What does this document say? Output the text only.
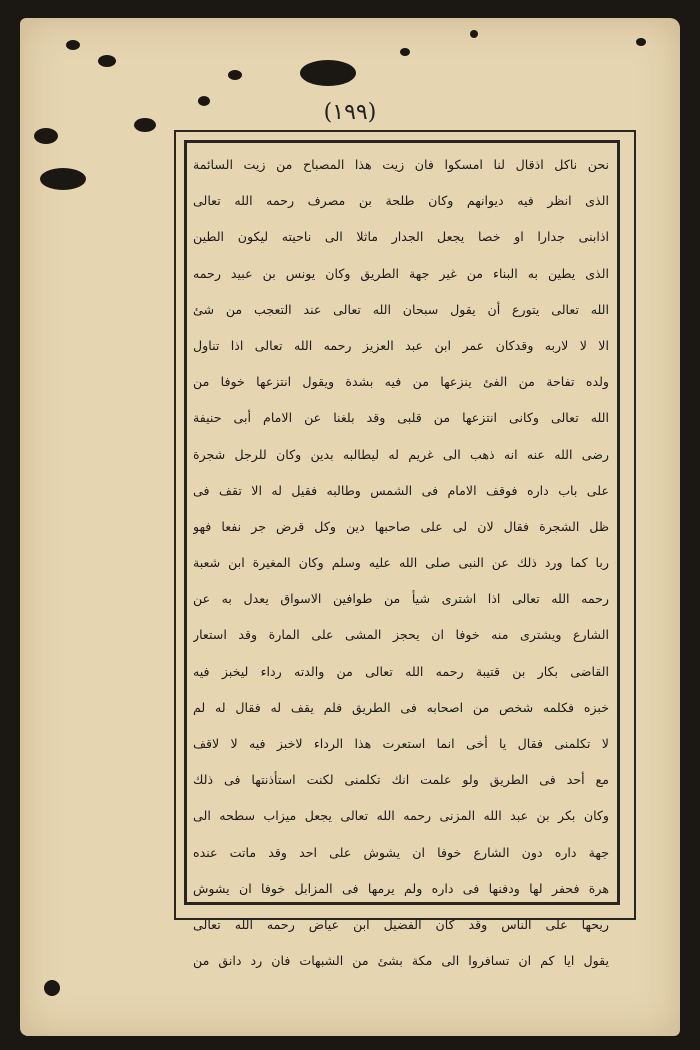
(١٩٩)
نحن ناكل اذقال لنا امسكوا فان زيت هذا المصباح من زيت السائمة
الذى انظر فيه ديوانهم وكان طلحة بن مصرف رحمه الله تعالى
اذابنى جدارا او خصا يجعل الجدار ماثلا الى ناحيته ليكون الطين
الذى يطين به البناء من غير جهة الطريق وكان يونس بن عبيد رحمه
الله تعالى يتورع أن يقول سبحان الله تعالى عند التعجب من شئ
الا لا لاربه وقدكان عمر ابن عبد العزيز رحمه الله تعالى اذا تناول
ولده تفاحة من الفئ ينزعها من فيه بشدة ويقول انتزعها خوفا من
الله تعالى وكانى انتزعها من قلبى وقد بلغنا عن الامام أبى حنيفة
رضى الله عنه انه ذهب الى غريم له ليطالبه بدين وكان للرجل شجرة
على باب داره فوقف الامام فى الشمس وطالبه فقيل له الا تقف فى
ظل الشجرة فقال لان لى على صاحبها دين وكل قرض جر نفعا فهو
ربا كما ورد ذلك عن النبى صلى الله عليه وسلم وكان المغيرة ابن شعبة
رحمه الله تعالى اذا اشترى شيأ من طوافين الاسواق يعدل به عن
الشارع ويشترى منه خوفا ان يحجز المشى على المارة وقد استعار
القاضى بكار بن قتيبة رحمه الله تعالى من والدته رداء ليخبز فيه
خبزه فكلمه شخص من اصحابه فى الطريق فلم يقف له فقال له لم
لا تكلمنى فقال يا أخى انما استعرت هذا الرداء لاخبز فيه لا لاقف
مع أحد فى الطريق ولو علمت انك تكلمنى لكنت استأذنتها فى ذلك
وكان بكر بن عبد الله المزنى رحمه الله تعالى يجعل ميزاب سطحه الى
جهة داره دون الشارع خوفا ان يشوش على احد وقد ماتت عنده
هرة فحفر لها ودفنها فى داره ولم يرمها فى المزابل خوفا ان يشوش
ريحها على الناس وقد كان الفضيل ابن عياض رحمه الله تعالى
يقول ايا كم ان تسافروا الى مكة بشئ من الشبهات فان رد دانق من
